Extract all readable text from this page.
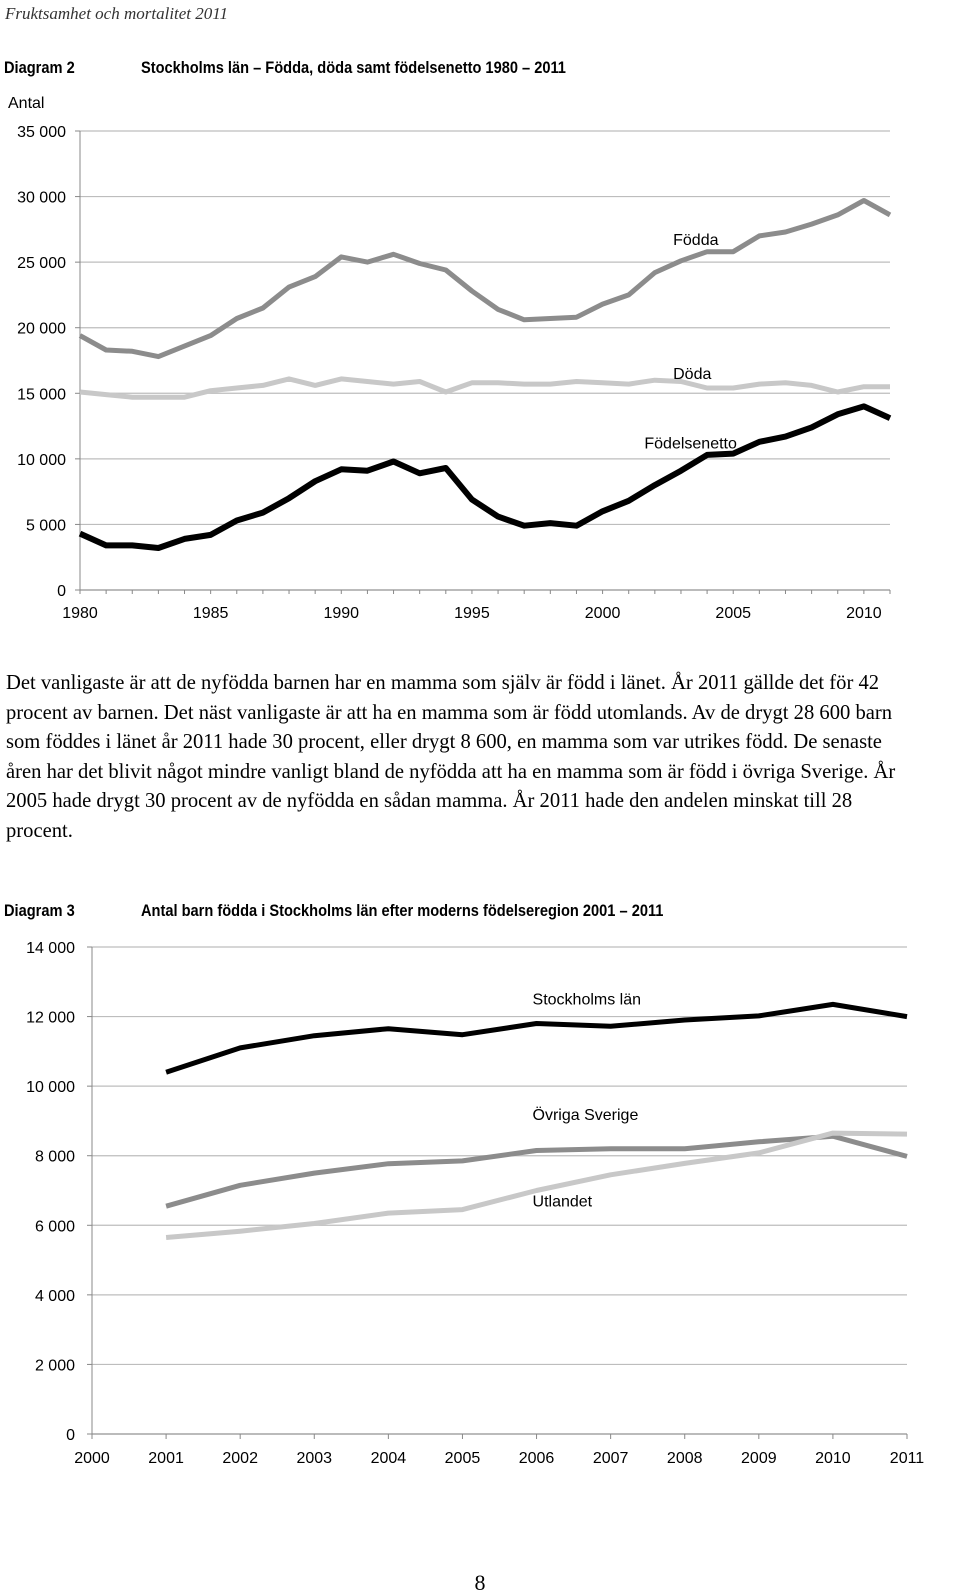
Fruktsamhet och mortalitet 2011
Diagram 2	Stockholms län – Födda, döda samt födelsenetto 1980 – 2011
Antal
0
5 000
10 000
15 000
20 000
25 000
30 000
35 000
1980	1985	1990	1995	2000	2005	2010
Födda
Döda
Födelsenetto

Det vanligaste är att de nyfödda barnen har en mamma som själv är född i länet. År 2011 gällde det för 42 procent av barnen. Det näst vanligaste är att ha en mamma som är född utomlands. Av de drygt 28 600 barn som föddes i länet år 2011 hade 30 procent, eller drygt 8 600, en mamma som var utrikes född. De senaste åren har det blivit något mindre vanligt bland de nyfödda att ha en mamma som är född i övriga Sverige. År 2005 hade drygt 30 procent av de nyfödda en sådan mamma. År 2011 hade den andelen minskat till 28 procent.

Diagram 3	Antal barn födda i Stockholms län efter moderns födelseregion 2001 – 2011
0
2 000
4 000
6 000
8 000
10 000
12 000
14 000
2000 2001 2002 2003 2004 2005 2006 2007 2008 2009 2010 2011
Stockholms län
Övriga Sverige
Utlandet
8
